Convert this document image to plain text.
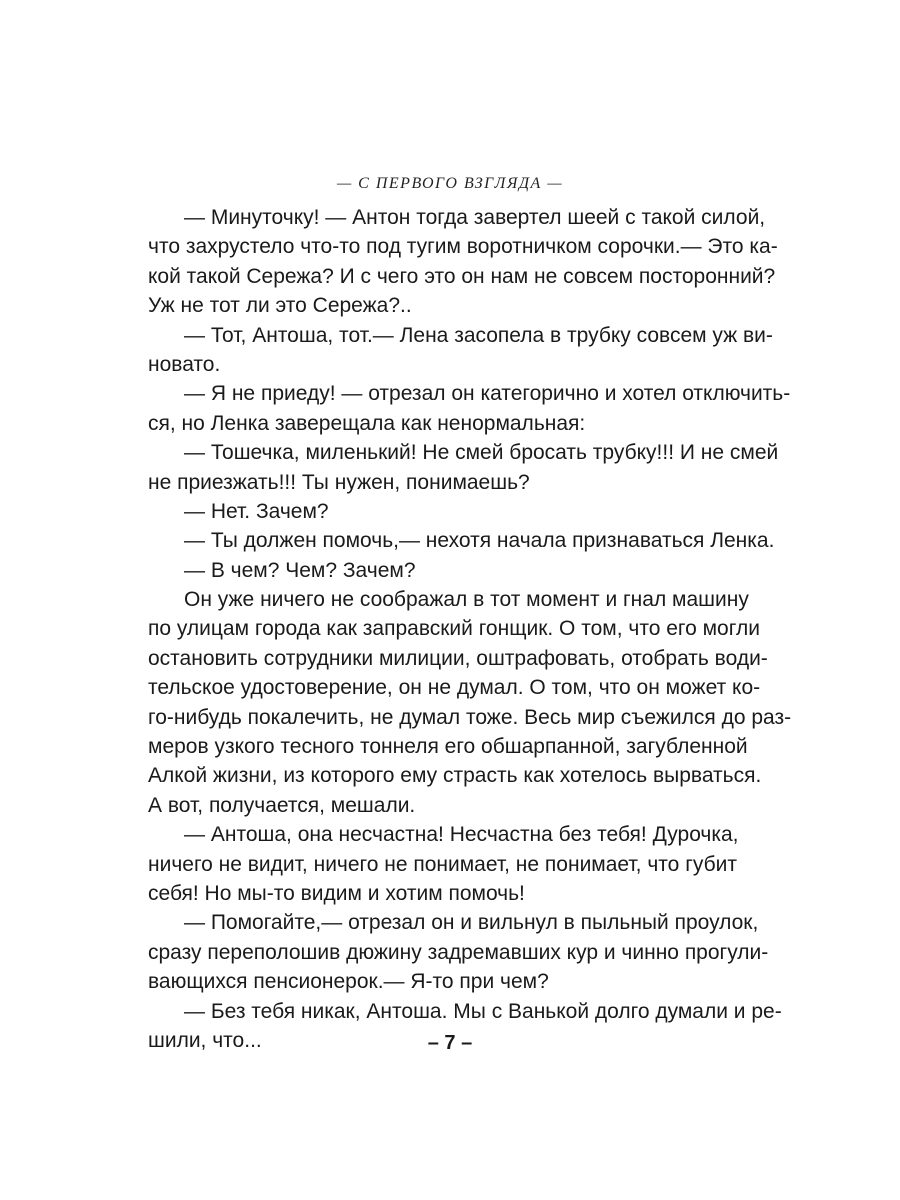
— С ПЕРВОГО ВЗГЛЯДА —
— Минуточку! — Антон тогда завертел шеей с такой силой,
что захрустело что-то под тугим воротничком сорочки.— Это ка-
кой такой Сережа? И с чего это он нам не совсем посторонний?
Уж не тот ли это Сережа?..
— Тот, Антоша, тот.— Лена засопела в трубку совсем уж ви-
новато.
— Я не приеду! — отрезал он категорично и хотел отключить-
ся, но Ленка заверещала как ненормальная:
— Тошечка, миленький! Не смей бросать трубку!!! И не смей
не приезжать!!! Ты нужен, понимаешь?
— Нет. Зачем?
— Ты должен помочь,— нехотя начала признаваться Ленка.
— В чем? Чем? Зачем?
Он уже ничего не соображал в тот момент и гнал машину
по улицам города как заправский гонщик. О том, что его могли
остановить сотрудники милиции, оштрафовать, отобрать води-
тельское удостоверение, он не думал. О том, что он может ко-
го-нибудь покалечить, не думал тоже. Весь мир съежился до раз-
меров узкого тесного тоннеля его обшарпанной, загубленной
Алкой жизни, из которого ему страсть как хотелось вырваться.
А вот, получается, мешали.
— Антоша, она несчастна! Несчастна без тебя! Дурочка,
ничего не видит, ничего не понимает, не понимает, что губит
себя! Но мы-то видим и хотим помочь!
— Помогайте,— отрезал он и вильнул в пыльный проулок,
сразу переполошив дюжину задремавших кур и чинно прогули-
вающихся пенсионерок.— Я-то при чем?
— Без тебя никак, Антоша. Мы с Ванькой долго думали и ре-
шили, что...	– 7 –
